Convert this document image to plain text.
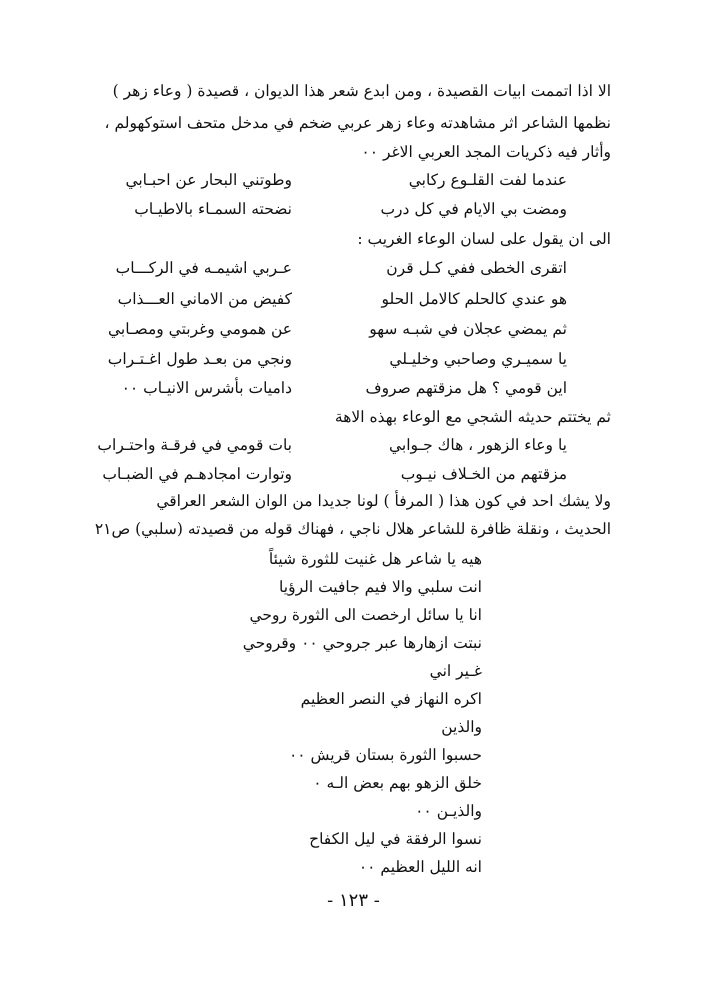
الا اذا اتممت ابيات القصيدة ، ومن ابدع شعر هذا الديوان ، قصيدة ( وعاء زهر )
نظمها الشاعر اثر مشاهدته وعاء زهر عربي ضخم في مدخل متحف استوكهولم ،
وأثار فيه ذكريات المجد العربي الاغر ٠٠
عندما لفت القلـوع ركابي
وطوتني البحار عن احبـابي
ومضت بي الايام في كل درب
نضحته السمـاء بالاطيـاب
الى ان يقول على لسان الوعاء الغريب :
اتقرى الخطى ففي كـل قرن
عـربي اشيمـه في الركـــاب
هو عندي كالحلم كالامل الحلو
كفيض من الاماني العـــذاب
ثم يمضي عجلان في شبـه سهو
عن همومي وغربتي ومصـابي
يا سميـري وصاحبي وخليـلي
ونجي من بعـد طول اغـتـراب
اين قومي ؟ هل مزقتهم صروف
داميات بأشرس الانيـاب ٠٠
ثم يختتم حديثه الشجي مع الوعاء بهذه الاهة
يا وعاء الزهور ، هاك جـوابي
بات قومي في فرقـة واحتـراب
مزقتهم من الخـلاف نيـوب
وتوارت امجادهـم في الضبـاب
ولا يشك احد في كون هذا ( المرفأ ) لونا جديدا من الوان الشعر العراقي
الحديث ، ونقلة ظافرة للشاعر هلال ناجي ، فهناك قوله من قصيدته (سلبي) ص٢١
هيه يا شاعر هل غنيت للثورة شيئاً
انت سلبي والا فيم جافيت الرؤيا
انا يا سائل ارخصت الى الثورة روحي
نبتت ازهارها عبر جروحي ٠٠ وقروحي
غـير اني
اكره النهاز في النصر العظيم
والذين
حسبوا الثورة بستان قريش ٠٠
خلق الزهو بهم بعض الـه ٠
والذيـن ٠٠
نسوا الرفقة في ليل الكفاح
انه الليل العظيم ٠٠
- ١٢٣ -
